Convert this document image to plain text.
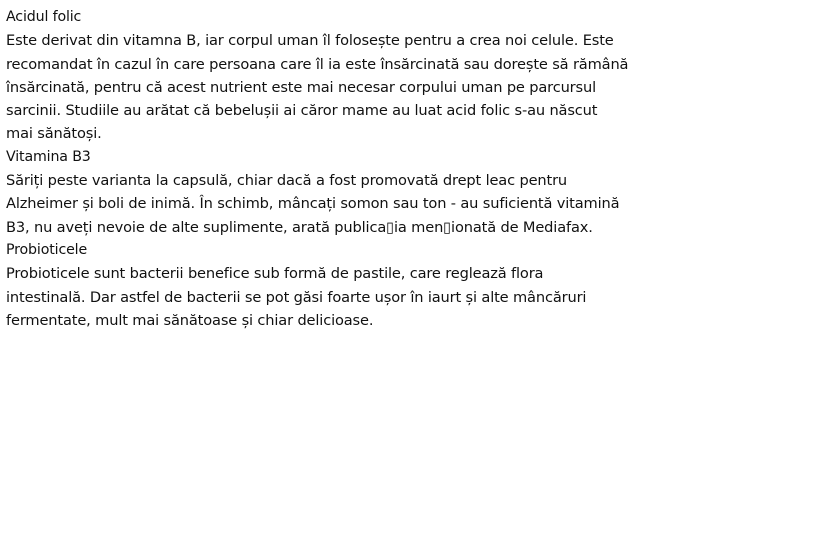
Acidul folic
Este derivat din vitamna B, iar corpul uman îl folosește pentru a crea noi celule. Este
recomandat în cazul în care persoana care îl ia este însărcinată sau dorește să rămână
însărcinată, pentru că acest nutrient este mai necesar corpului uman pe parcursul
sarcinii. Studiile au arătat că bebelușii ai căror mame au luat acid folic s-au născut
mai sănătoși.
Vitamina B3
Săriți peste varianta la capsulă, chiar dacă a fost promovată drept leac pentru
Alzheimer și boli de inimă. În schimb, mâncați somon sau ton - au suficientă vitamină
B3, nu aveți nevoie de alte suplimente, arată publica▯ia men▯ionată de Mediafax.
Probioticele
Probioticele sunt bacterii benefice sub formă de pastile, care reglează flora
intestinală. Dar astfel de bacterii se pot găsi foarte ușor în iaurt și alte mâncăruri
fermentate, mult mai sănătoase și chiar delicioase.
